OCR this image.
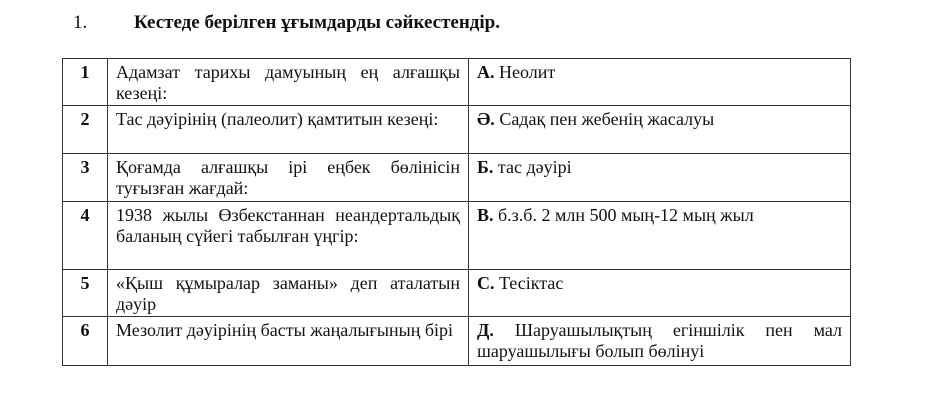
1. Кестеде берілген ұғымдарды сәйкестендір.
1	Адамзат тарихы дамуының ең алғашқы кезеңі:	А. Неолит
2	Тас дәуірінің (палеолит) қамтитын кезеңі:	Ә. Садақ пен жебенің жасалуы
3	Қоғамда алғашқы ірі еңбек бөлінісін туғызған жағдай:	Б. тас дәуірі
4	1938 жылы Өзбекстаннан неандертальдық баланың сүйегі табылған үңгір:	В. б.з.б. 2 млн 500 мың-12 мың жыл
5	«Қыш құмыралар заманы» деп аталатын дәуір	С. Тесіктас
6	Мезолит дәуірінің басты жаңалығының бірі	Д. Шаруашылықтың егіншілік пен мал шаруашылығы болып бөлінуі
